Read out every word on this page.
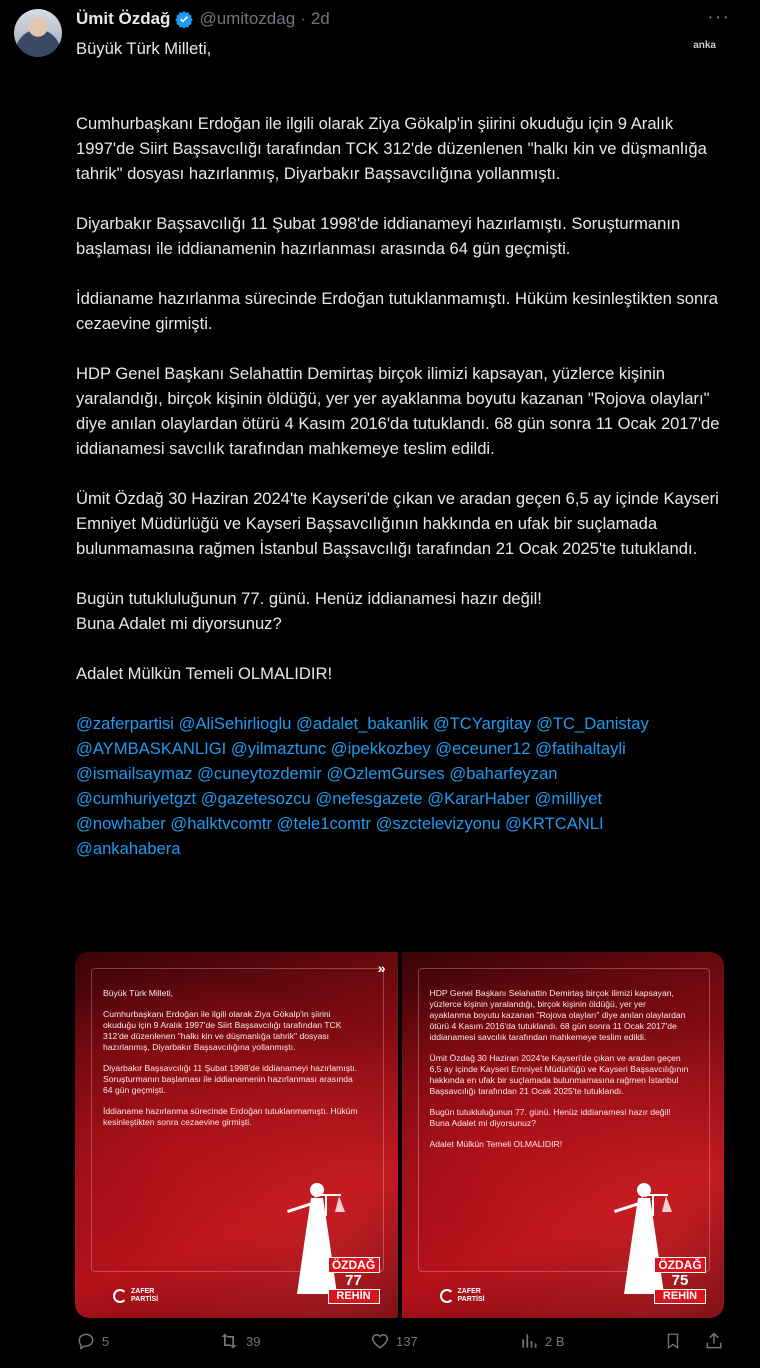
Ümit Özdağ @umitozdag · 2d	···
anka

Büyük Türk Milleti,

Cumhurbaşkanı Erdoğan ile ilgili olarak Ziya Gökalp'in şiirini okuduğu için 9 Aralık 1997'de Siirt Başsavcılığı tarafından TCK 312'de düzenlenen "halkı kin ve düşmanlığa tahrik" dosyası hazırlanmış, Diyarbakır Başsavcılığına yollanmıştı.

Diyarbakır Başsavcılığı 11 Şubat 1998'de iddianameyi hazırlamıştı. Soruşturmanın başlaması ile iddianamenin hazırlanması arasında 64 gün geçmişti.

İddianame hazırlanma sürecinde Erdoğan tutuklanmamıştı. Hüküm kesinleştikten sonra cezaevine girmişti.

HDP Genel Başkanı Selahattin Demirtaş birçok ilimizi kapsayan, yüzlerce kişinin yaralandığı, birçok kişinin öldüğü, yer yer ayaklanma boyutu kazanan "Rojova olayları" diye anılan olaylardan ötürü 4 Kasım 2016'da tutuklandı. 68 gün sonra 11 Ocak 2017'de iddianamesi savcılık tarafından mahkemeye teslim edildi.

Ümit Özdağ 30 Haziran 2024'te Kayseri'de çıkan ve aradan geçen 6,5 ay içinde Kayseri Emniyet Müdürlüğü ve Kayseri Başsavcılığının hakkında en ufak bir suçlamada bulunmamasına rağmen İstanbul Başsavcılığı tarafından 21 Ocak 2025'te tutuklandı.

Bugün tutukluluğunun 77. günü. Henüz iddianamesi hazır değil!

Buna Adalet mi diyorsunuz?

Adalet Mülkün Temeli OLMALIDIR!

@zaferpartisi @AliSehirlioglu @adalet_bakanlik @TCYargitay @TC_Danistay
@AYMBASKANLIGI @yilmaztunc @ipekkozbey @eceuner12 @fatihaltayli
@ismailsaymaz @cuneytozdemir @OzlemGurses @baharfeyzan
@cumhuriyetgzt @gazetesozcu @nefesgazete @KararHaber @milliyet
@nowhaber @halktvcomtr @tele1comtr @szctelevizyonu @KRTCANLI
@ankahabera

Büyük Türk Milleti,

Cumhurbaşkanı Erdoğan ile ilgili olarak Ziya Gökalp'in şiirini okuduğu için 9 Aralık 1997'de Siirt Başsavcılığı tarafından TCK 312'de düzenlenen "halkı kin ve düşmanlığa tahrik" dosyası hazırlanmış, Diyarbakır Başsavcılığına yollanmıştı.

Diyarbakır Başsavcılığı 11 Şubat 1998'de iddianameyi hazırlamıştı. Soruşturmanın başlaması ile iddianamenin hazırlanması arasında 64 gün geçmişti.

İddianame hazırlanma sürecinde Erdoğan tutuklanmamıştı. Hüküm kesinleştikten sonra cezaevine girmişti.

»
ÖZDAĞ
77
REHİN
ZAFER
PARTİSİ

HDP Genel Başkanı Selahattin Demirtaş birçok ilimizi kapsayan, yüzlerce kişinin yaralandığı, birçok kişinin öldüğü, yer yer ayaklanma boyutu kazanan "Rojova olayları" diye anılan olaylardan ötürü 4 Kasım 2016'da tutuklandı. 68 gün sonra 11 Ocak 2017'de iddianamesi savcılık tarafından mahkemeye teslim edildi.

Ümit Özdağ 30 Haziran 2024'te Kayseri'de çıkan ve aradan geçen 6,5 ay içinde Kayseri Emniyet Müdürlüğü ve Kayseri Başsavcılığının hakkında en ufak bir suçlamada bulunmamasına rağmen İstanbul Başsavcılığı tarafından 21 Ocak 2025'te tutuklandı.

Bugün tutukluluğunun 77. günü. Henüz iddianamesi hazır değil! Buna Adalet mi diyorsunuz?

Adalet Mülkün Temeli OLMALIDIR!

ÖZDAĞ
75
REHİN
ZAFER
PARTİSİ
5	39	137	2 B
